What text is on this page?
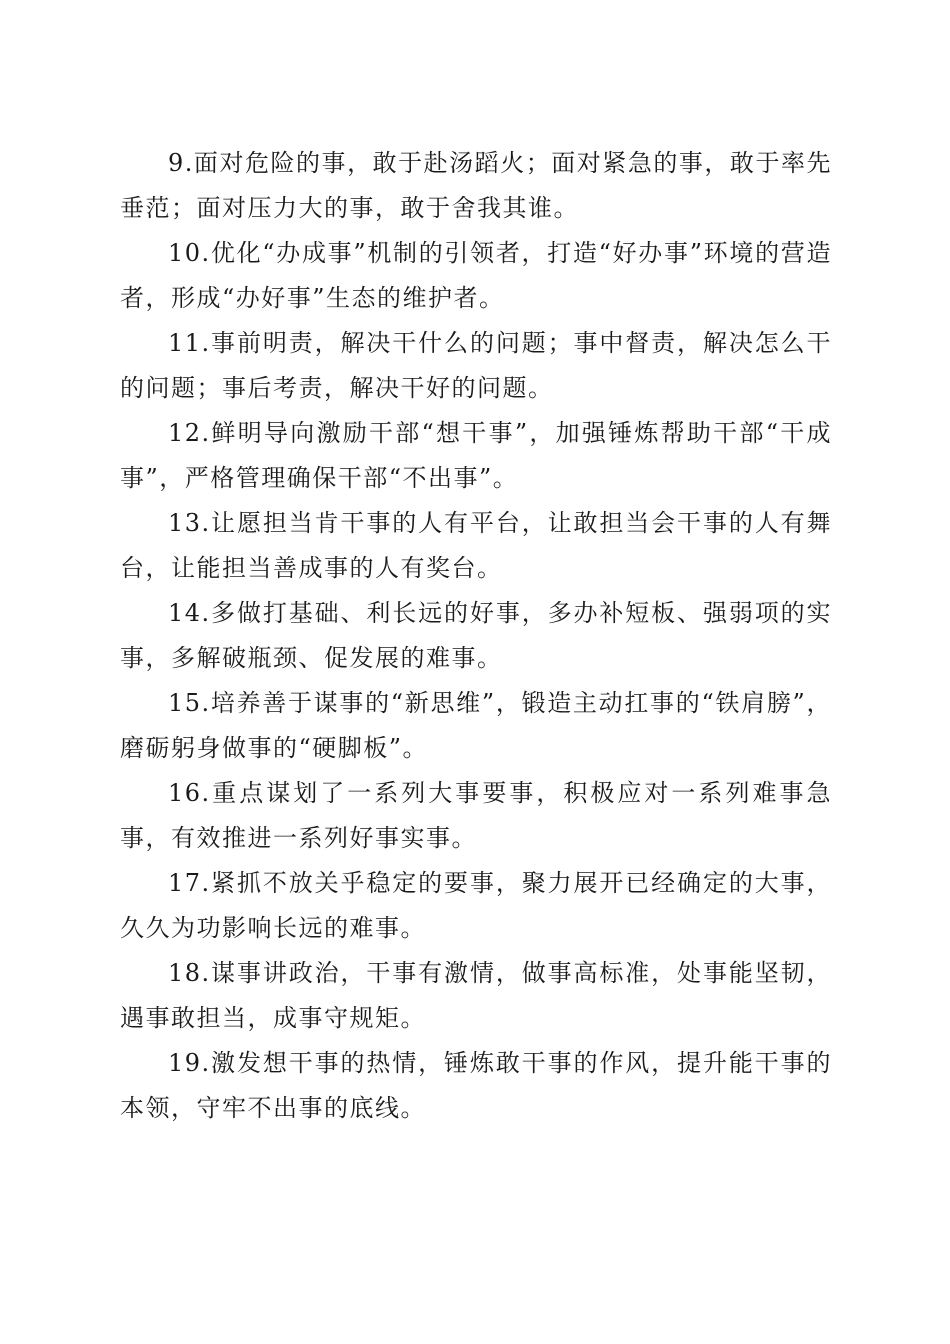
9.面对危险的事，敢于赴汤蹈火；面对紧急的事，敢于率先垂范；面对压力大的事，敢于舍我其谁。

10.优化“办成事”机制的引领者，打造“好办事”环境的营造者，形成“办好事”生态的维护者。

11.事前明责，解决干什么的问题；事中督责，解决怎么干的问题；事后考责，解决干好的问题。

12.鲜明导向激励干部“想干事”，加强锤炼帮助干部“干成事”，严格管理确保干部“不出事”。

13.让愿担当肯干事的人有平台，让敢担当会干事的人有舞台，让能担当善成事的人有奖台。

14.多做打基础、利长远的好事，多办补短板、强弱项的实事，多解破瓶颈、促发展的难事。

15.培养善于谋事的“新思维”，锻造主动扛事的“铁肩膀”，磨砺躬身做事的“硬脚板”。

16.重点谋划了一系列大事要事，积极应对一系列难事急事，有效推进一系列好事实事。

17.紧抓不放关乎稳定的要事，聚力展开已经确定的大事，久久为功影响长远的难事。

18.谋事讲政治，干事有激情，做事高标准，处事能坚韧，遇事敢担当，成事守规矩。

19.激发想干事的热情，锤炼敢干事的作风，提升能干事的本领，守牢不出事的底线。
